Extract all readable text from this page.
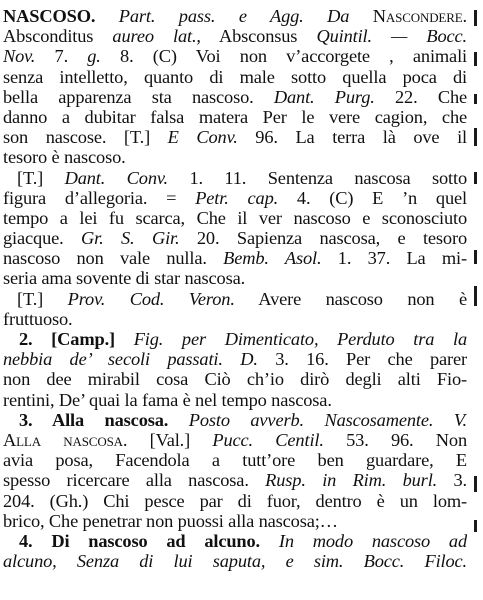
NASCOSO. Part. pass. e Agg. Da Nascondere.
Absconditus aureo lat., Absconsus Quintil. — Bocc.
Nov. 7. g. 8. (C) Voi non v’accorgete , animali
senza intelletto, quanto di male sotto quella poca di
bella apparenza sta nascoso. Dant. Purg. 22. Che
danno a dubitar falsa matera Per le vere cagion, che
son nascose. [T.] E Conv. 96. La terra là ove il
tesoro è nascoso.
[T.] Dant. Conv. 1. 11. Sentenza nascosa sotto
figura d’allegoria. = Petr. cap. 4. (C) E ’n quel
tempo a lei fu scarca, Che il ver nascoso e sconosciuto
giacque. Gr. S. Gir. 20. Sapienza nascosa, e tesoro
nascoso non vale nulla. Bemb. Asol. 1. 37. La mi-
seria ama sovente di star nascosa.
[T.] Prov. Cod. Veron. Avere nascoso non è
fruttuoso.
2. [Camp.] Fig. per Dimenticato, Perduto tra la
nebbia de’ secoli passati. D. 3. 16. Per che parer
non dee mirabil cosa Ciò ch’io dirò degli alti Fio-
rentini, De’ quai la fama è nel tempo nascosa.
3. Alla nascosa. Posto avverb. Nascosamente. V.
Alla nascosa. [Val.] Pucc. Centil. 53. 96. Non
avia posa, Facendola a tutt’ore ben guardare, E
spesso ricercare alla nascosa. Rusp. in Rim. burl. 3.
204. (Gh.) Chi pesce par di fuor, dentro è un lom-
brico, Che penetrar non puossi alla nascosa;…
4. Di nascoso ad alcuno. In modo nascoso ad
alcuno, Senza di lui saputa, e sim. Bocc. Filoc.
